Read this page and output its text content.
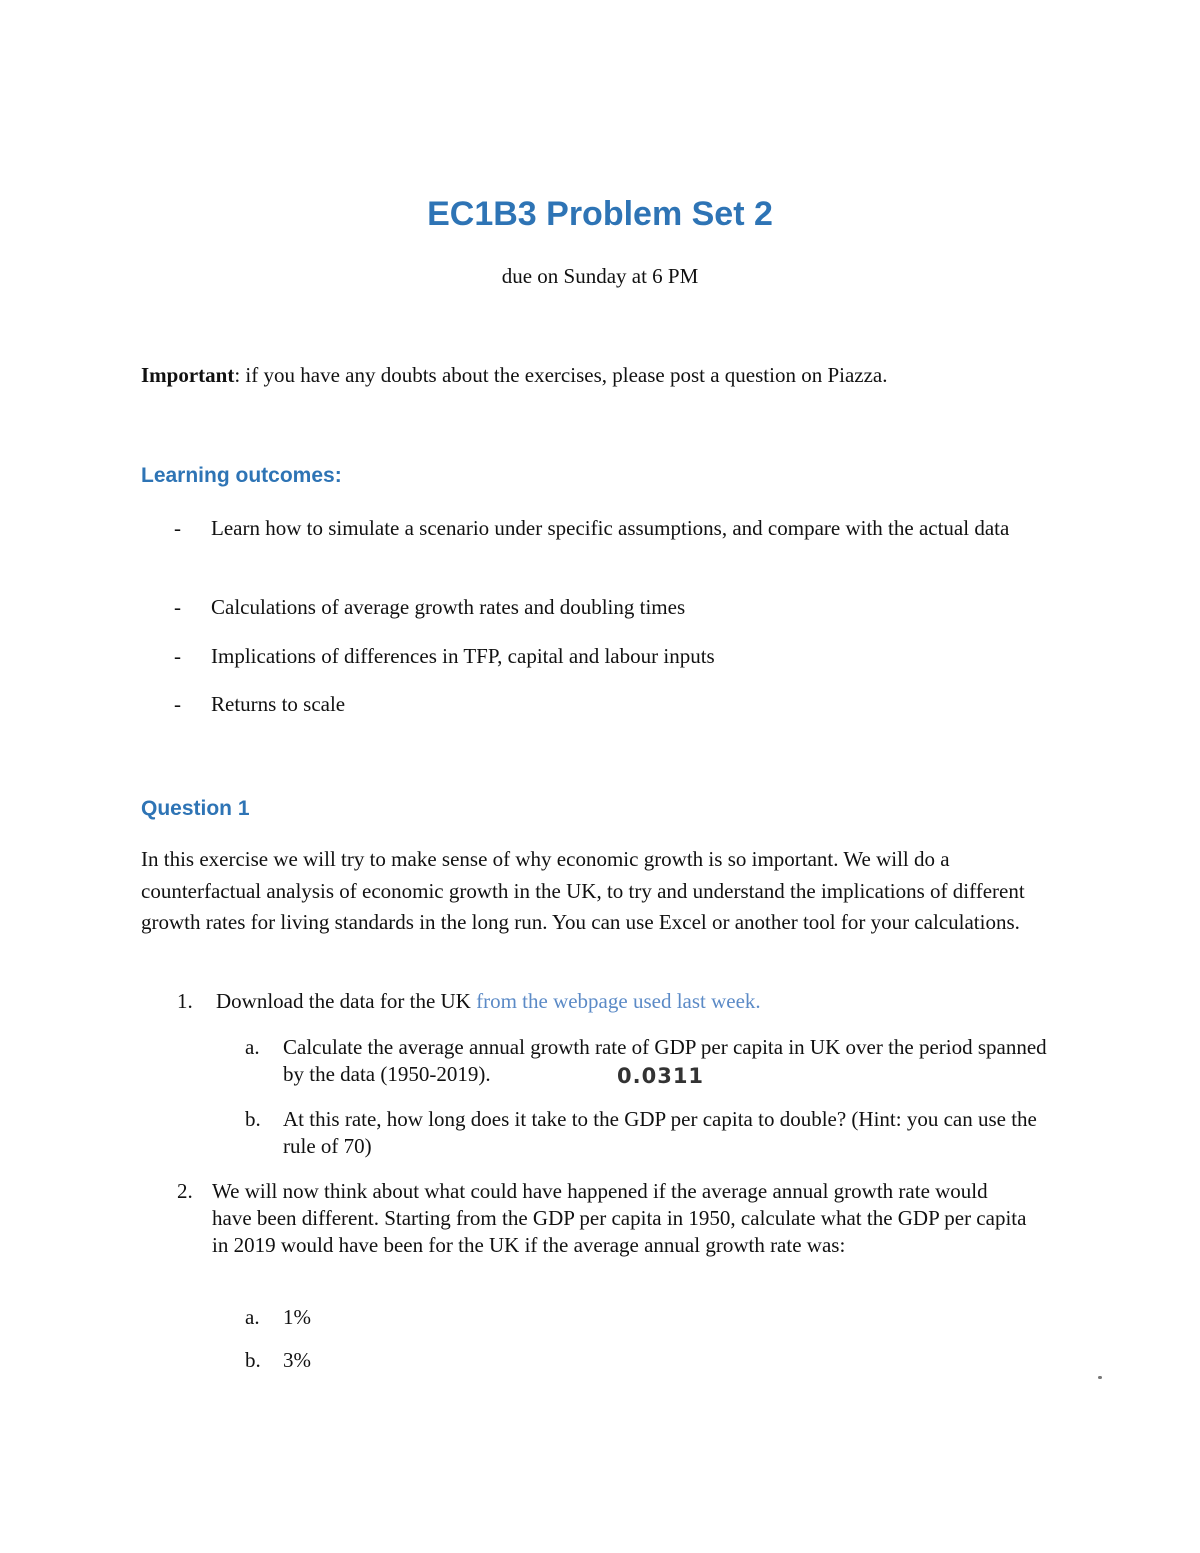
EC1B3 Problem Set 2
due on Sunday at 6 PM
Important: if you have any doubts about the exercises, please post a question on Piazza.
Learning outcomes:
- Learn how to simulate a scenario under specific assumptions, and compare with the actual data
- Calculations of average growth rates and doubling times
- Implications of differences in TFP, capital and labour inputs
- Returns to scale
Question 1
In this exercise we will try to make sense of why economic growth is so important. We will do a counterfactual analysis of economic growth in the UK, to try and understand the implications of different growth rates for living standards in the long run. You can use Excel or another tool for your calculations.
1. Download the data for the UK from the webpage used last week.
a. Calculate the average annual growth rate of GDP per capita in UK over the period spanned by the data (1950-2019).	0.0311
b. At this rate, how long does it take to the GDP per capita to double? (Hint: you can use the rule of 70)
2. We will now think about what could have happened if the average annual growth rate would have been different. Starting from the GDP per capita in 1950, calculate what the GDP per capita in 2019 would have been for the UK if the average annual growth rate was:
a. 1%
b. 3%
